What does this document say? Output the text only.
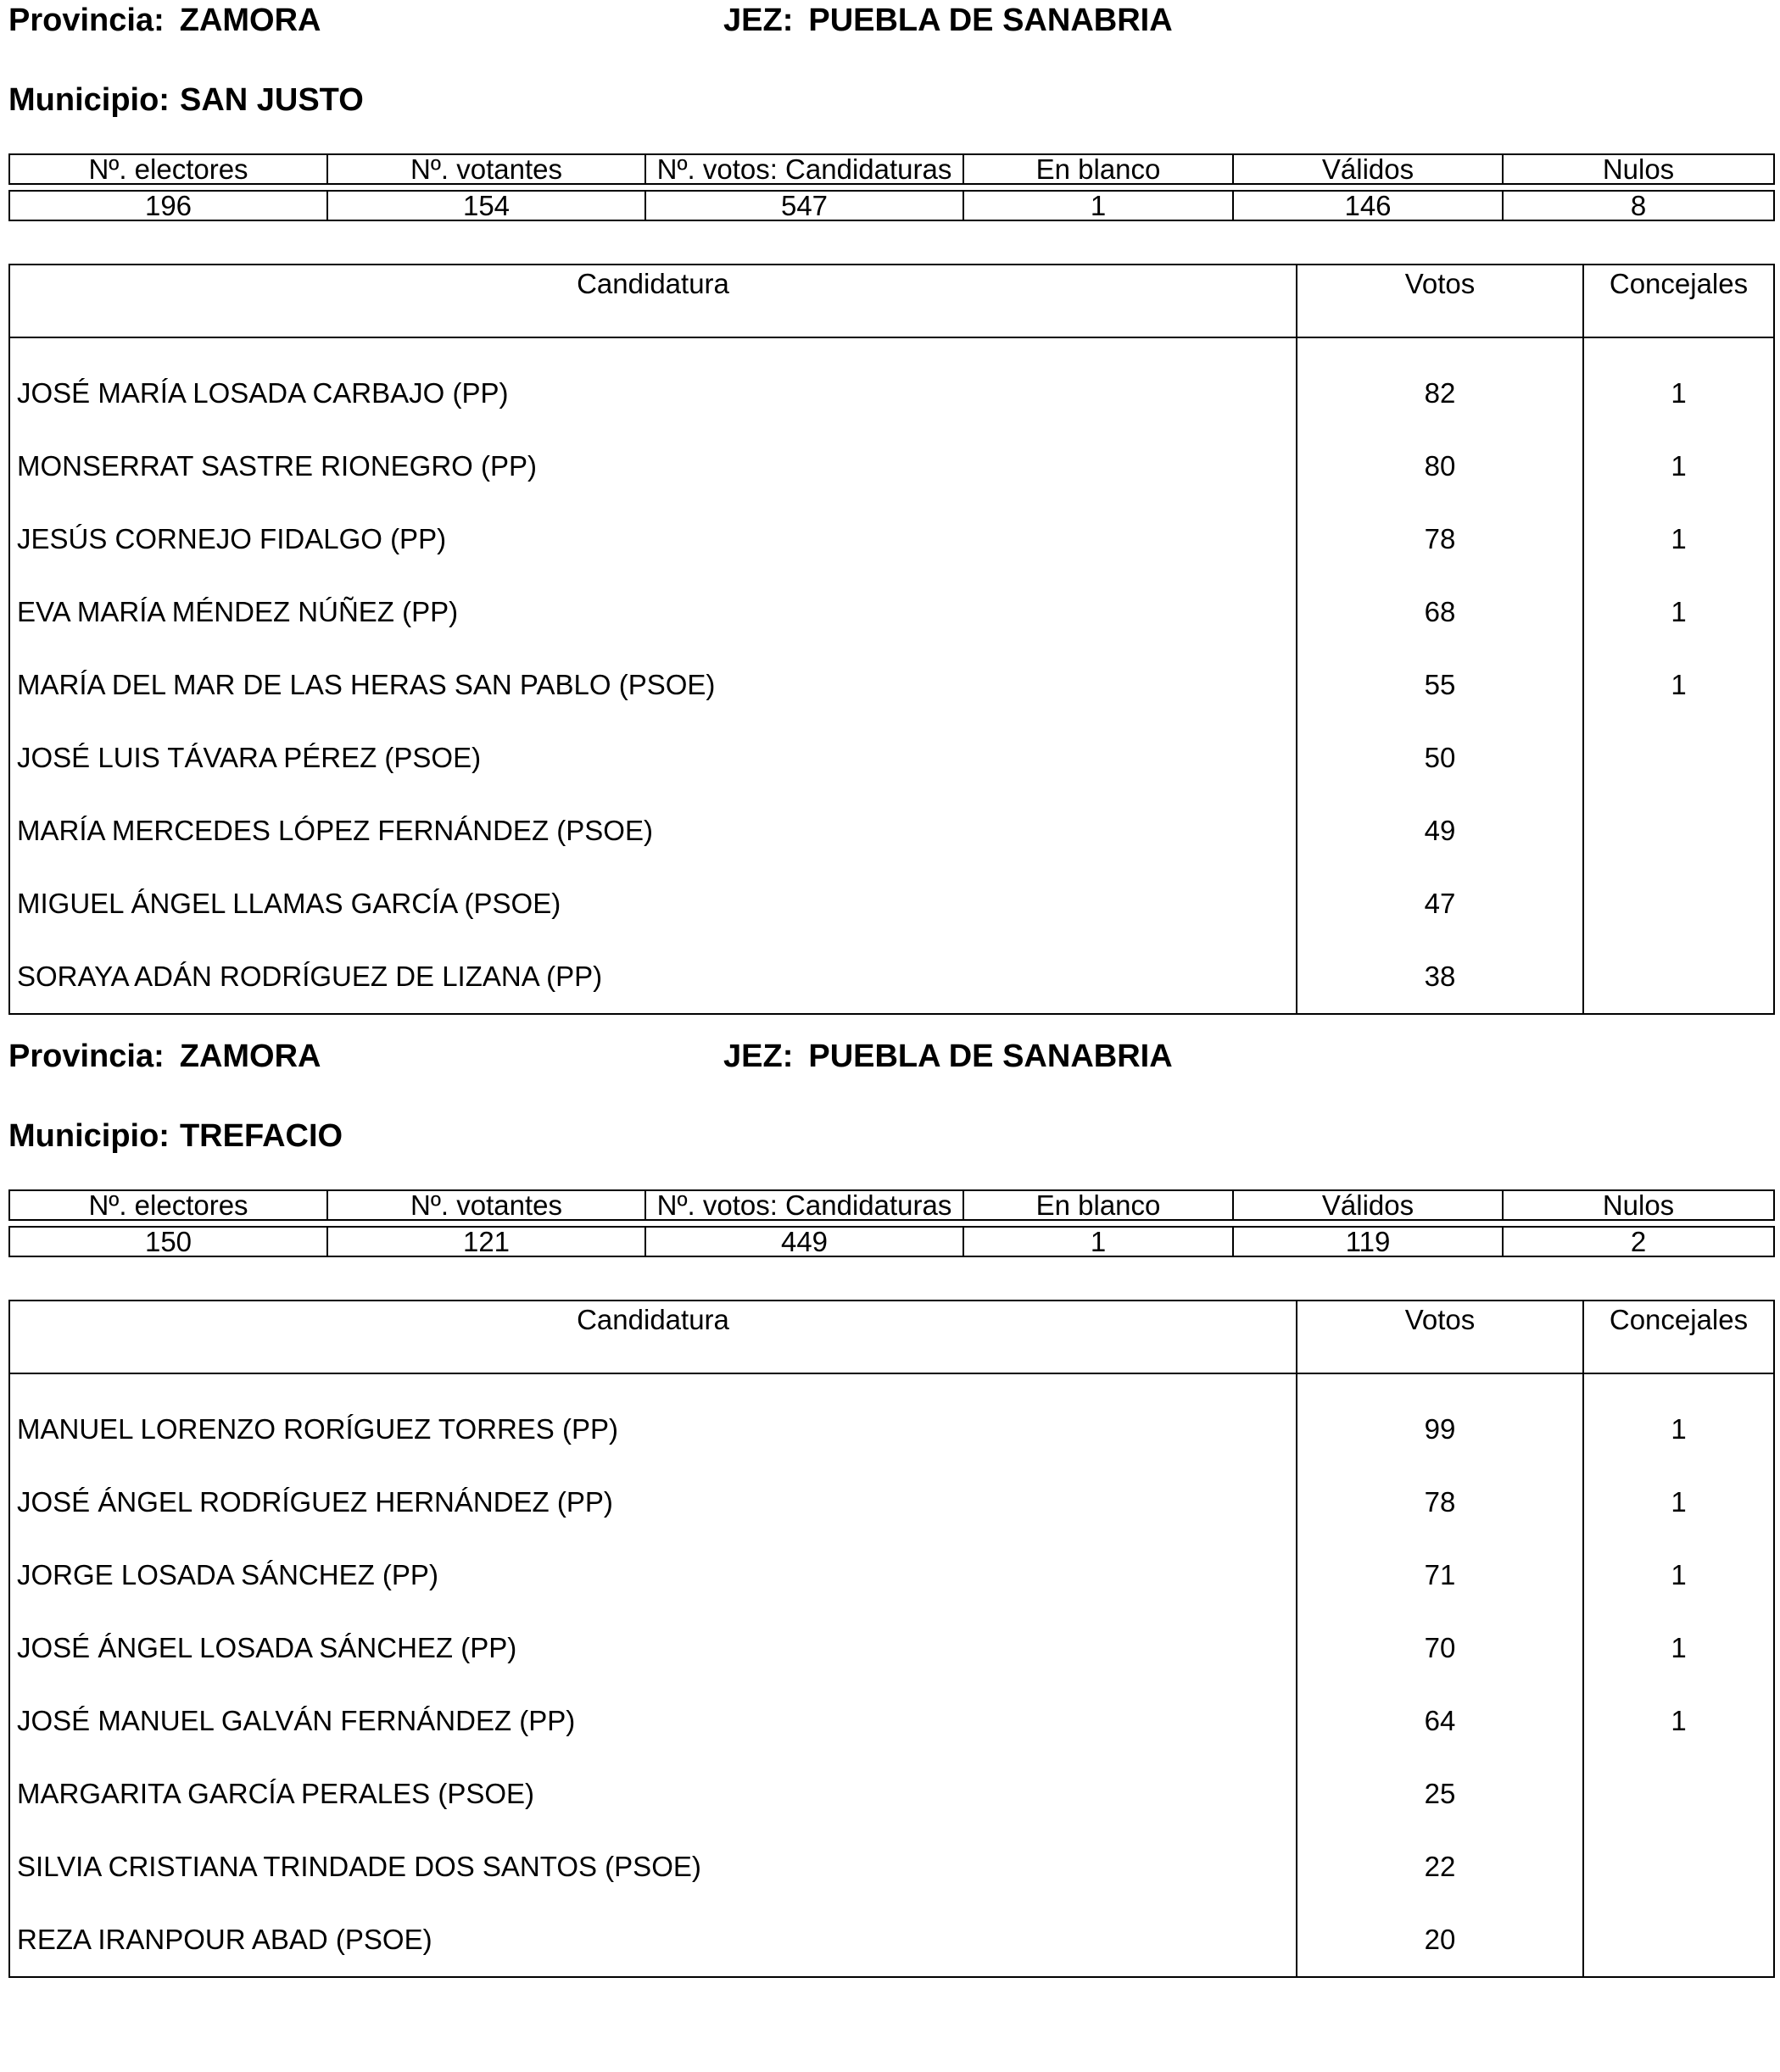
Provincia: ZAMORA	JEZ: PUEBLA DE SANABRIA
Municipio: SAN JUSTO
Nº. electores	Nº. votantes	Nº. votos: Candidaturas	En blanco	Válidos	Nulos
196	154	547	1	146	8
Candidatura	Votos	Concejales

JOSÉ MARÍA LOSADA CARBAJO (PP)	82	1
MONSERRAT SASTRE RIONEGRO (PP)	80	1
JESÚS CORNEJO FIDALGO (PP)	78	1
EVA MARÍA MÉNDEZ NÚÑEZ (PP)	68	1
MARÍA DEL MAR DE LAS HERAS SAN PABLO (PSOE)	55	1
JOSÉ LUIS TÁVARA PÉREZ (PSOE)	50	
MARÍA MERCEDES LÓPEZ FERNÁNDEZ (PSOE)	49	
MIGUEL ÁNGEL LLAMAS GARCÍA (PSOE)	47	
SORAYA ADÁN RODRÍGUEZ DE LIZANA (PP)	38	
Provincia: ZAMORA	JEZ: PUEBLA DE SANABRIA
Municipio: TREFACIO
Nº. electores	Nº. votantes	Nº. votos: Candidaturas	En blanco	Válidos	Nulos
150	121	449	1	119	2
Candidatura	Votos	Concejales

MANUEL LORENZO RORÍGUEZ TORRES (PP)	99	1
JOSÉ ÁNGEL RODRÍGUEZ HERNÁNDEZ (PP)	78	1
JORGE LOSADA SÁNCHEZ (PP)	71	1
JOSÉ ÁNGEL LOSADA SÁNCHEZ (PP)	70	1
JOSÉ MANUEL GALVÁN FERNÁNDEZ (PP)	64	1
MARGARITA GARCÍA PERALES (PSOE)	25	
SILVIA CRISTIANA TRINDADE DOS SANTOS (PSOE)	22	
REZA IRANPOUR ABAD (PSOE)	20	
